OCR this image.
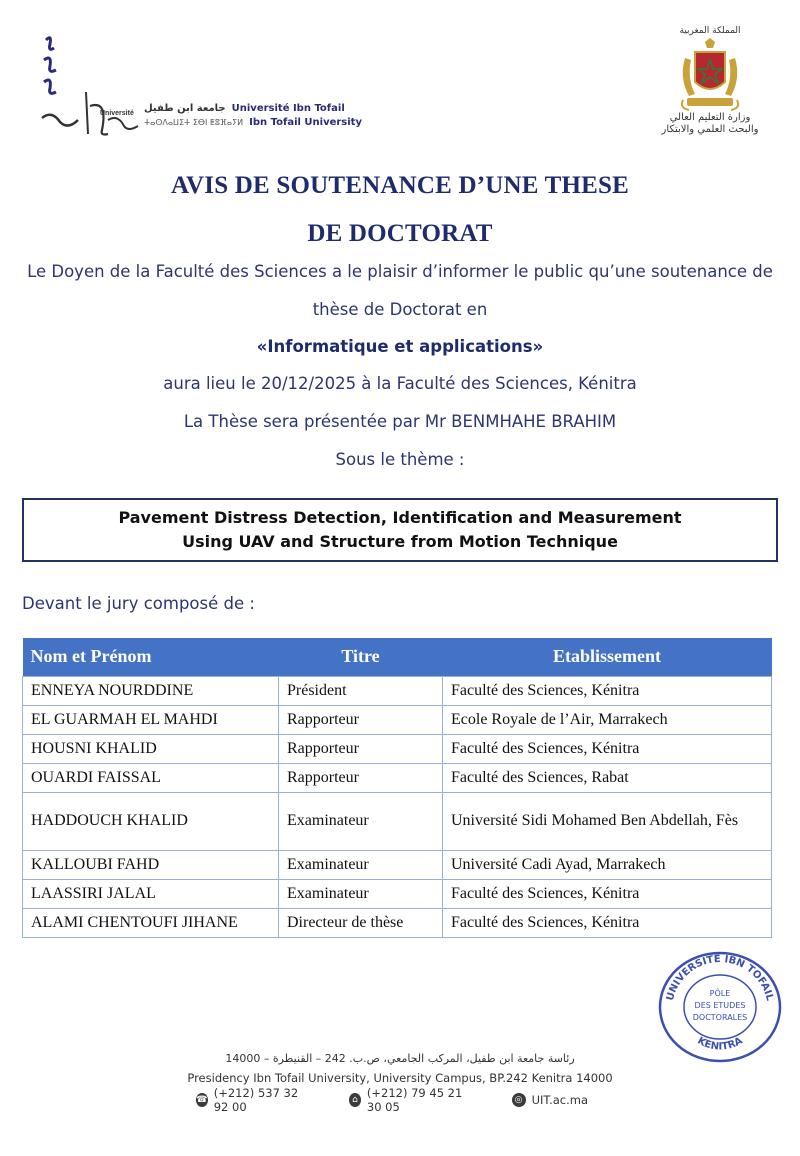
جامعة ابن طفيل Université Ibn Tofail
ⵜⴰⵙⴷⴰⵡⵉⵜ ⵉⴱⵏ ⵟⵓⴼⴰⵢⵍ Ibn Tofail University
Université
المملكة المغربية
وزارة التعليم العالي
والبحث العلمي والابتكار
AVIS DE SOUTENANCE D’UNE THESE
DE DOCTORAT
Le Doyen de la Faculté des Sciences a le plaisir d’informer le public qu’une soutenance de
thèse de Doctorat en
«Informatique et applications»
aura lieu le 20/12/2025 à la Faculté des Sciences, Kénitra
La Thèse sera présentée par Mr BENMHAHE BRAHIM
Sous le thème :
Pavement Distress Detection, Identification and Measurement
Using UAV and Structure from Motion Technique
Devant le jury composé de :
Nom et Prénom	Titre	Etablissement
ENNEYA NOURDDINE	Président	Faculté des Sciences, Kénitra
EL GUARMAH EL MAHDI	Rapporteur	Ecole Royale de l’Air, Marrakech
HOUSNI KHALID	Rapporteur	Faculté des Sciences, Kénitra
OUARDI FAISSAL	Rapporteur	Faculté des Sciences, Rabat
HADDOUCH KHALID	Examinateur	Université Sidi Mohamed Ben Abdellah, Fès

KALLOUBI FAHD	Examinateur	Université Cadi Ayad, Marrakech
LAASSIRI JALAL	Examinateur	Faculté des Sciences, Kénitra
ALAMI CHENTOUFI JIHANE	Directeur de thèse	Faculté des Sciences, Kénitra
UNIVERSITE IBN TOFAIL
KENITRA
PÔLE
DES ETUDES
DOCTORALES
رئاسة جامعة ابن طفيل، المركب الجامعي، ص.ب. 242 – القنيطرة – 14000
Presidency Ibn Tofail University, University Campus, BP.242 Kenitra 14000
☎ (+212) 537 32 92 00	⌂ (+212) 79 45 21 30 05	◎ UIT.ac.ma
